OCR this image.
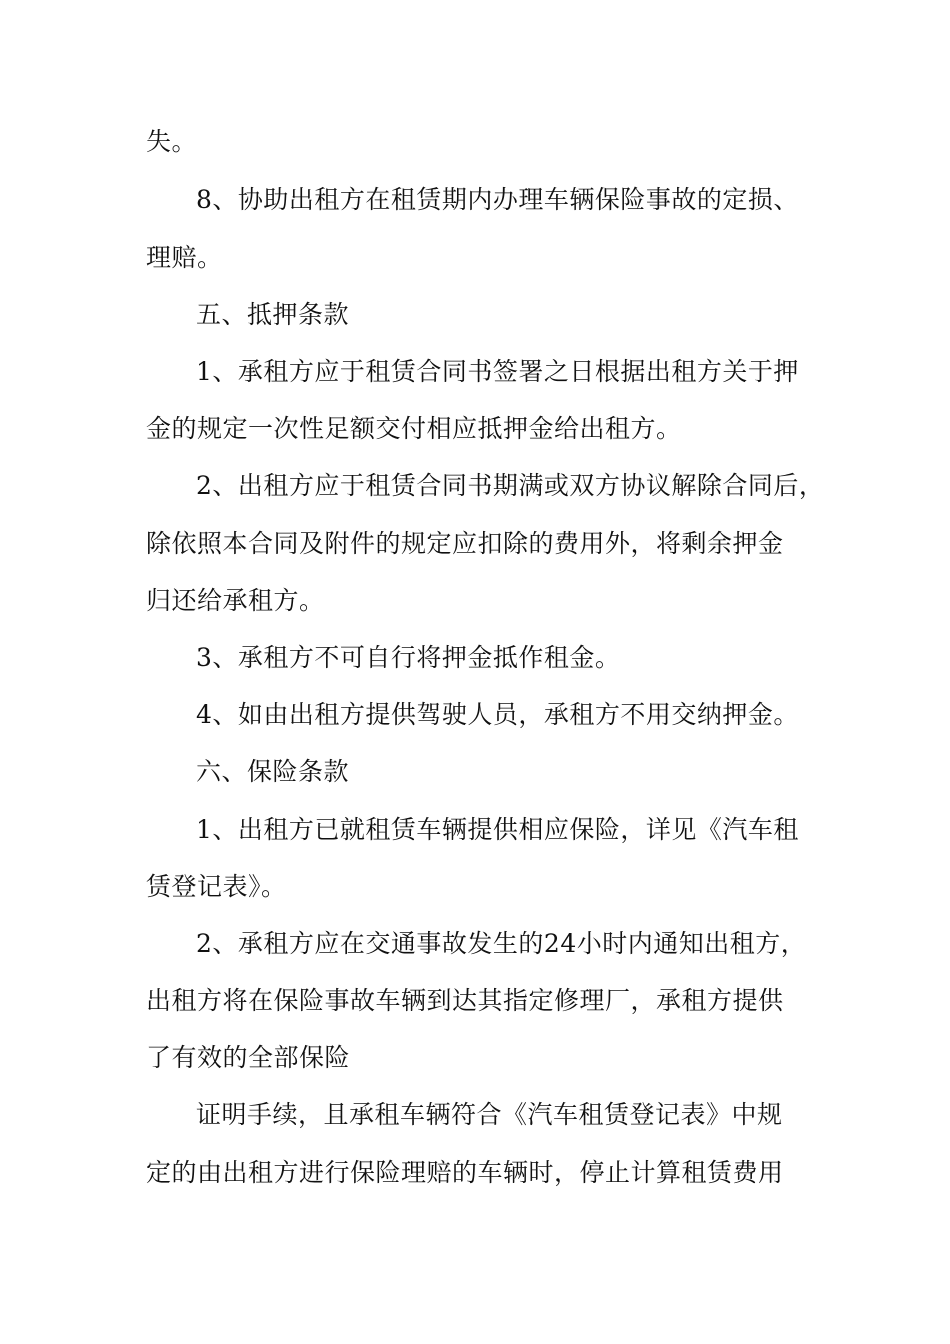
失。
8、协助出租方在租赁期内办理车辆保险事故的定损、
理赔。
五、抵押条款
1、承租方应于租赁合同书签署之日根据出租方关于押
金的规定一次性足额交付相应抵押金给出租方。
2、出租方应于租赁合同书期满或双方协议解除合同后，
除依照本合同及附件的规定应扣除的费用外，将剩余押金
归还给承租方。
3、承租方不可自行将押金抵作租金。
4、如由出租方提供驾驶人员，承租方不用交纳押金。
六、保险条款
1、出租方已就租赁车辆提供相应保险，详见《汽车租
赁登记表》。
2、承租方应在交通事故发生的24小时内通知出租方，
出租方将在保险事故车辆到达其指定修理厂，承租方提供
了有效的全部保险
证明手续，且承租车辆符合《汽车租赁登记表》中规
定的由出租方进行保险理赔的车辆时，停止计算租赁费用
